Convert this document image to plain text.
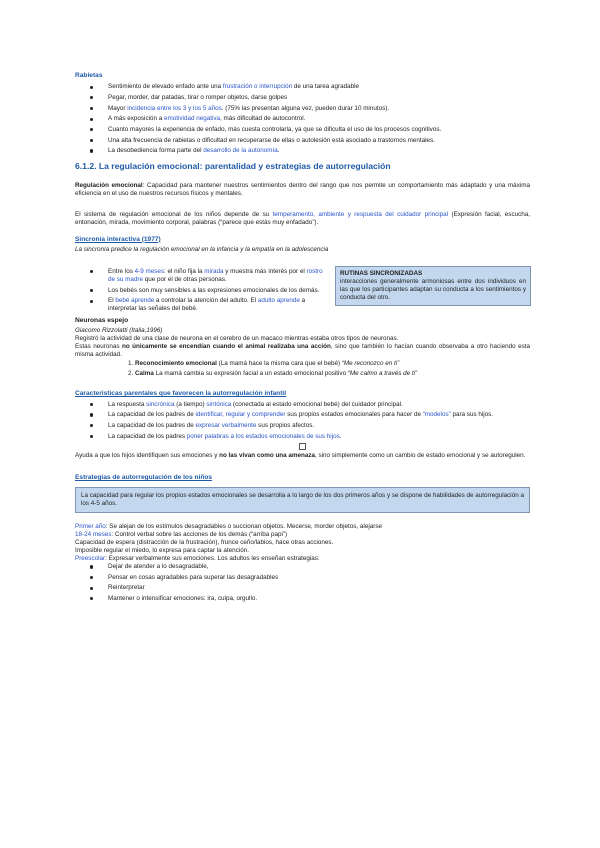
Rabietas
Sentimiento de elevado enfado ante una frustración o interrupción de una tarea agradable
Pegar, morder, dar patadas, tirar o romper objetos, darse golpes
Mayor incidencia entre los 3 y los 5 años. (75% las presentan alguna vez, pueden durar 10 minutos).
A más exposición a emotividad negativa, más dificultad de autocontrol.
Cuanto mayores la experiencia de enfado, más cuesta controlarla, ya que se dificulta el uso de los procesos cognitivos.
Una alta frecuencia de rabietas o dificultad en recuperarse de ellas o autolesión está asociado a trastornos mentales.
La desobediencia forma parte del desarrollo de la autonomía.
6.1.2. La regulación emocional: parentalidad y estrategias de autorregulación

Regulación emocional: Capacidad para mantener nuestros sentimientos dentro del rango que nos permite un comportamiento más adaptado y una máxima eficiencia en el uso de nuestros recursos físicos y mentales.

El sistema de regulación emocional de los niños depende de su temperamento, ambiente y respuesta del cuidador principal (Expresión facial, escucha, entonación, mirada, movimiento corporal, palabras (“parece que estás muy enfadado”).

Sincronía interactiva (1977)
La sincronía predice la regulación emocional en la infancia y la empatía en la adolescencia
Entre los 4-9 meses: el niño fija la mirada y muestra más interés por el rostro de su madre que por el de otras personas.
Los bebés son muy sensibles a las expresiones emocionales de los demás.
El bebé aprende a controlar la atención del adulto. El adulto aprende a interpretar las señales del bebé.
RUTINAS SINCRONIZADAS
interacciones generalmente armoniosas entre dos individuos en las que los participantes adaptan su conducta a los sentimientos y conducta del otro.
Neuronas espejo
Giacomo Rizzolatti (Italia,1996)

Registró la actividad de una clase de neurona en el cerebro de un macaco mientras estaba otros tipos de neuronas.

Estas neuronas no únicamente se encendían cuando el animal realizaba una acción, sino que también lo hacían cuando observaba a otro haciendo esta misma actividad.

1. Reconocimiento emocional (La mamá hace la misma cara que el bebé) “Me reconozco en ti”
2. Calma La mamá cambia su expresión facial a un estado emocional positivo “Me calmo a través de ti”
Características parentales que favorecen la autorregulación infantil
La respuesta sincrónica (a tiempo) sintónica (conectada al estado emocional bebé) del cuidador principal.
La capacidad de los padres de identificar, regular y comprender sus propios estados emocionales para hacer de “modelos” para sus hijos.
La capacidad de los padres de expresar verbalmente sus propios afectos.
La capacidad de los padres poner palabras a los estados emocionales de sus hijos.

Ayuda a que los hijos identifiquen sus emociones y no las vivan como una amenaza, sino simplemente como un cambio de estado emocional y se autoregulen.

Estrategias de autorregulación de los niños
La capacidad para regular los propios estados emocionales se desarrolla a lo largo de los dos primeros años y se dispone de habilidades de autorregulación a los 4-5 años.

Primer año: Se alejan de los estímulos desagradables o succionan objetos. Mecerse, morder objetos, alejarse

18-24 meses: Control verbal sobre las acciones de los demás (“arriba papi”)

Capacidad de espera (distracción de la frustración), frunce ceño/labios, hace otras acciones.

Imposible regular el miedo, lo expresa para captar la atención.

Preescolar: Expresar verbalmente sus emociones. Los adultos les enseñan estrategias:

Dejar de atender a lo desagradable,
Pensar en cosas agradables para superar las desagradables
Reinterpretar
Mantener o intensificar emociones: ira, culpa, orgullo.
